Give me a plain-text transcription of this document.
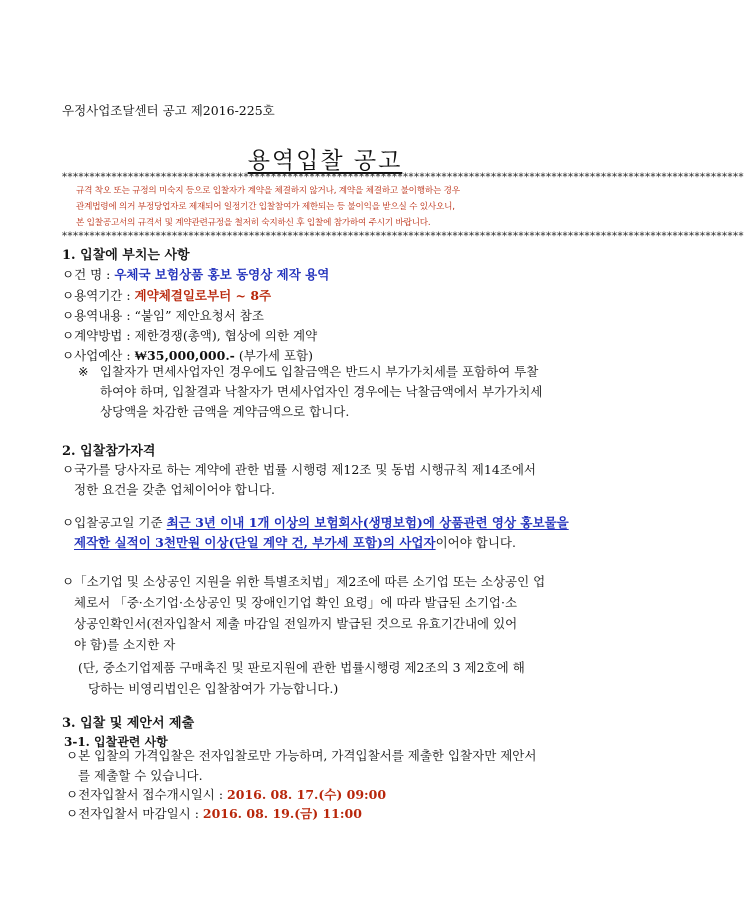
우정사업조달센터 공고 제2016-225호
용역입찰 공고
****************************************************************************************************************************
규격 착오 또는 규정의 미숙지 등으로 입찰자가 계약을 체결하지 않거나, 계약을 체결하고 불이행하는 경우
관계법령에 의거 부정당업자로 제재되어 일정기간 입찰참여가 제한되는 등 불이익을 받으실 수 있사오니,
본 입찰공고서의 규격서 및 계약관련규정을 철저히 숙지하신 후 입찰에 참가하여 주시기 바랍니다.
****************************************************************************************************************************
1. 입찰에 부치는 사항
ㅇ건 명 : 우체국 보험상품 홍보 동영상 제작 용역
ㅇ용역기간 : 계약체결일로부터 ~ 8주
ㅇ용역내용 : “붙임” 제안요청서 참조
ㅇ계약방법 : 제한경쟁(총액), 협상에 의한 계약
ㅇ사업예산 : ₩35,000,000.- (부가세 포함)
※ 입찰자가 면세사업자인 경우에도 입찰금액은 반드시 부가가치세를 포함하여 투찰
하여야 하며, 입찰결과 낙찰자가 면세사업자인 경우에는 낙찰금액에서 부가가치세
상당액을 차감한 금액을 계약금액으로 합니다.
2. 입찰참가자격
ㅇ국가를 당사자로 하는 계약에 관한 법률 시행령 제12조 및 동법 시행규칙 제14조에서
정한 요건을 갖춘 업체이어야 합니다.
ㅇ입찰공고일 기준 최근 3년 이내 1개 이상의 보험회사(생명보험)에 상품관련 영상 홍보물을
제작한 실적이 3천만원 이상(단일 계약 건, 부가세 포함)의 사업자이어야 합니다.
ㅇ「소기업 및 소상공인 지원을 위한 특별조치법」제2조에 따른 소기업 또는 소상공인 업
체로서 「중·소기업·소상공인 및 장애인기업 확인 요령」에 따라 발급된 소기업·소
상공인확인서(전자입찰서 제출 마감일 전일까지 발급된 것으로 유효기간내에 있어
야 함)를 소지한 자
(단, 중소기업제품 구매촉진 및 판로지원에 관한 법률시행령 제2조의 3 제2호에 해
당하는 비영리법인은 입찰참여가 가능합니다.)
3. 입찰 및 제안서 제출
3-1. 입찰관련 사항
ㅇ본 입찰의 가격입찰은 전자입찰로만 가능하며, 가격입찰서를 제출한 입찰자만 제안서
를 제출할 수 있습니다.
ㅇ전자입찰서 접수개시일시 : 2016. 08. 17.(수) 09:00
ㅇ전자입찰서 마감일시 : 2016. 08. 19.(금) 11:00
